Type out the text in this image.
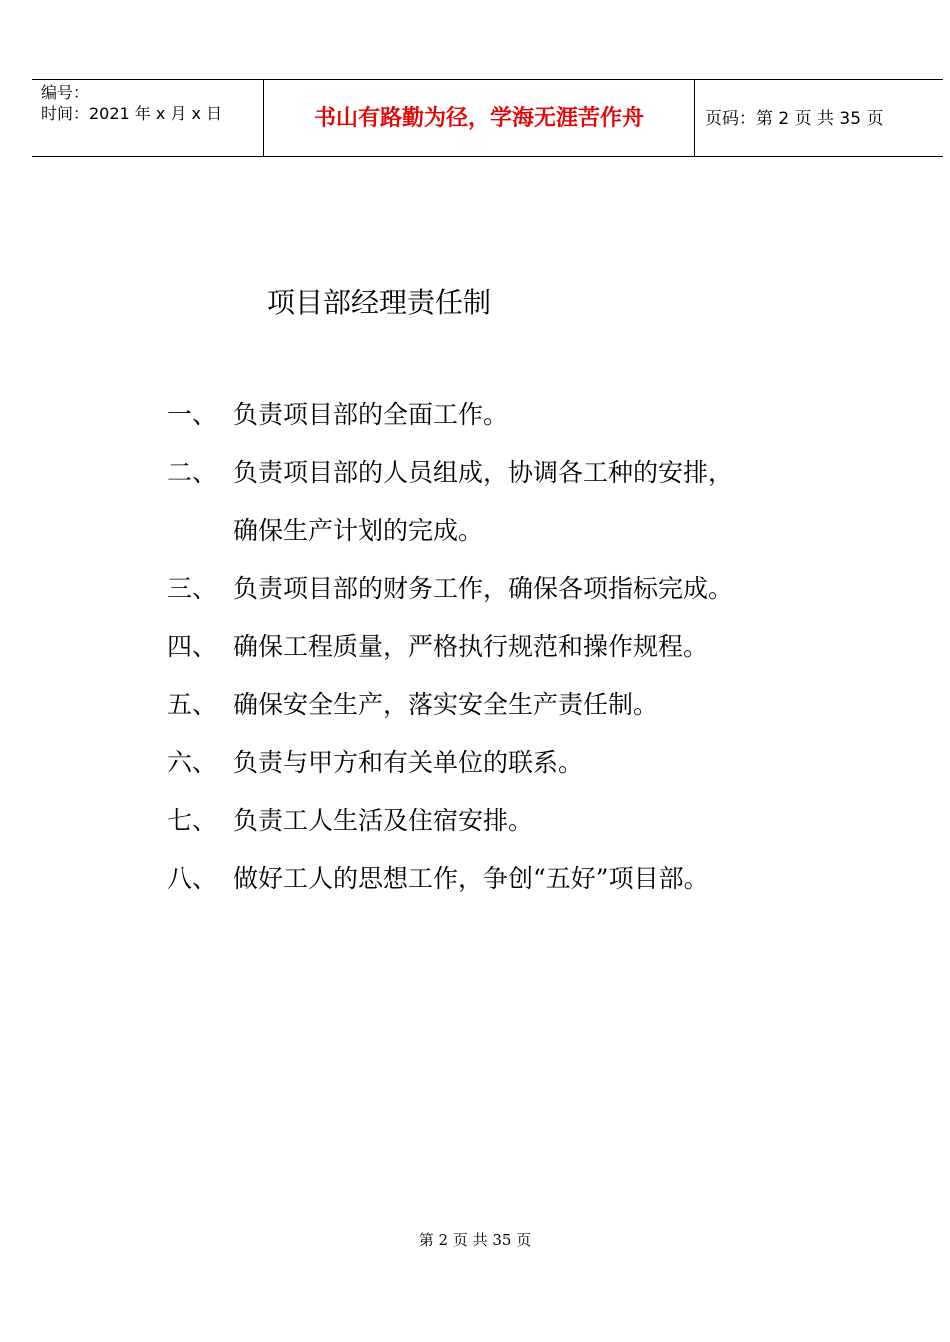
编号：
时间：2021 年 x 月 x 日	书山有路勤为径，学海无涯苦作舟	页码：第 2 页 共 35 页
项目部经理责任制
一、 负责项目部的全面工作。
二、 负责项目部的人员组成，协调各工种的安排，
确保生产计划的完成。
三、 负责项目部的财务工作，确保各项指标完成。
四、 确保工程质量，严格执行规范和操作规程。
五、 确保安全生产，落实安全生产责任制。
六、 负责与甲方和有关单位的联系。
七、 负责工人生活及住宿安排。
八、 做好工人的思想工作，争创“五好”项目部。
第 2 页 共 35 页
